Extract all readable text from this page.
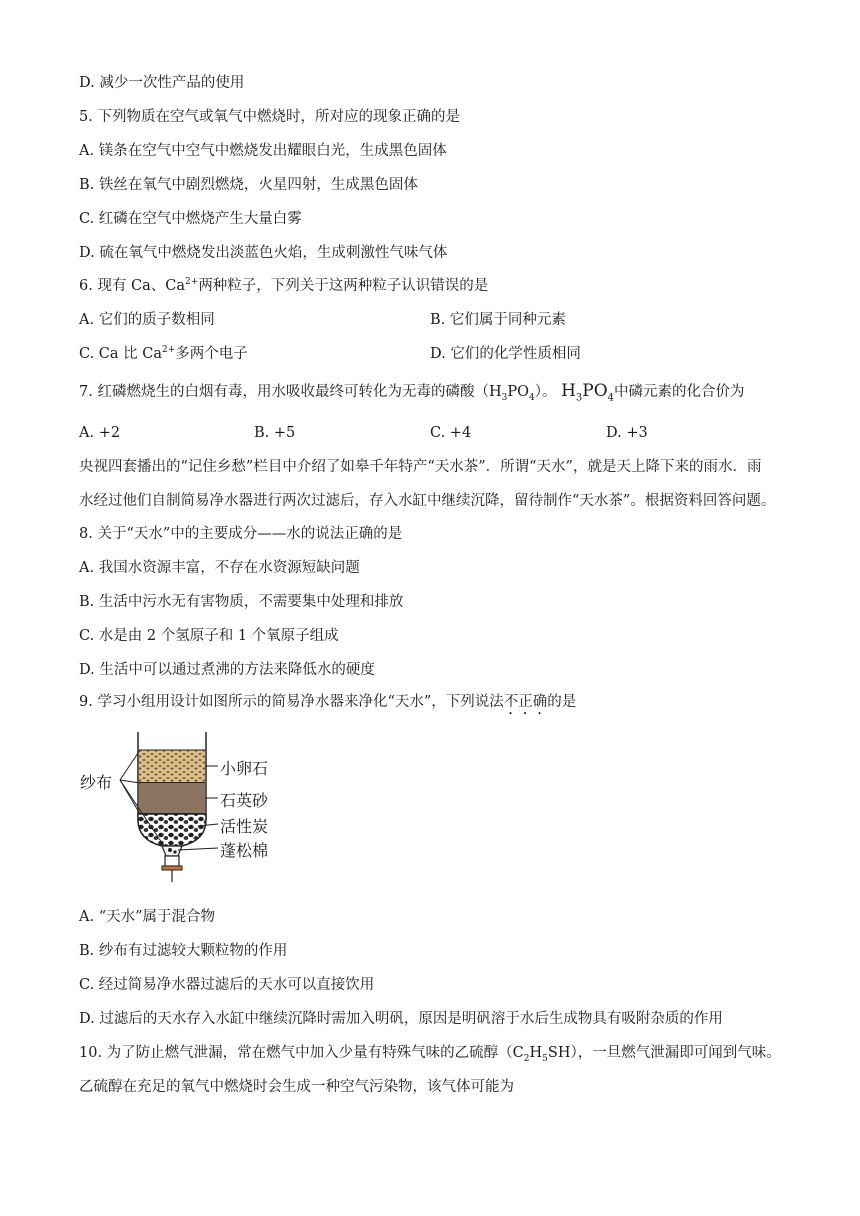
D. 减少一次性产品的使用
5. 下列物质在空气或氧气中燃烧时，所对应的现象正确的是
A. 镁条在空气中空气中燃烧发出耀眼白光，生成黑色固体
B. 铁丝在氧气中剧烈燃烧，火星四射，生成黑色固体
C. 红磷在空气中燃烧产生大量白雾
D. 硫在氧气中燃烧发出淡蓝色火焰，生成刺激性气味气体
6. 现有 Ca、$Ca^{2+}$两种粒子，下列关于这两种粒子认识错误的是
A. 它们的质子数相同	B. 它们属于同种元素
C. Ca 比 $Ca^{2+}$多两个电子	D. 它们的化学性质相同
7. 红磷燃烧生的白烟有毒，用水吸收最终可转化为无毒的磷酸$(H_3PO_4)$。 $H_3PO_4$中磷元素的化合价为
A. +2	B. +5	C. +4	D. +3
央视四套播出的“记住乡愁”栏目中介绍了如皋千年特产“天水茶”．所谓“天水”，就是天上降下来的雨水．雨
水经过他们自制简易净水器进行两次过滤后，存入水缸中继续沉降，留待制作“天水茶”。根据资料回答问题。
8. 关于“天水”中的主要成分——水的说法正确的是
A. 我国水资源丰富，不存在水资源短缺问题
B. 生活中污水无有害物质，不需要集中处理和排放
C. 水是由 2 个氢原子和 1 个氧原子组成
D. 生活中可以通过煮沸的方法来降低水的硬度
9. 学习小组用设计如图所示的简易净水器来净化“天水”，下列说法不正确的是
纱布
小卵石
石英砂
活性炭
蓬松棉
A. “天水”属于混合物
B. 纱布有过滤较大颗粒物的作用
C. 经过简易净水器过滤后的天水可以直接饮用
D. 过滤后的天水存入水缸中继续沉降时需加入明矾，原因是明矾溶于水后生成物具有吸附杂质的作用
10. 为了防止燃气泄漏，常在燃气中加入少量有特殊气味的乙硫醇$(C_2H_5SH)$，一旦燃气泄漏即可闻到气味。
乙硫醇在充足的氧气中燃烧时会生成一种空气污染物，该气体可能为
